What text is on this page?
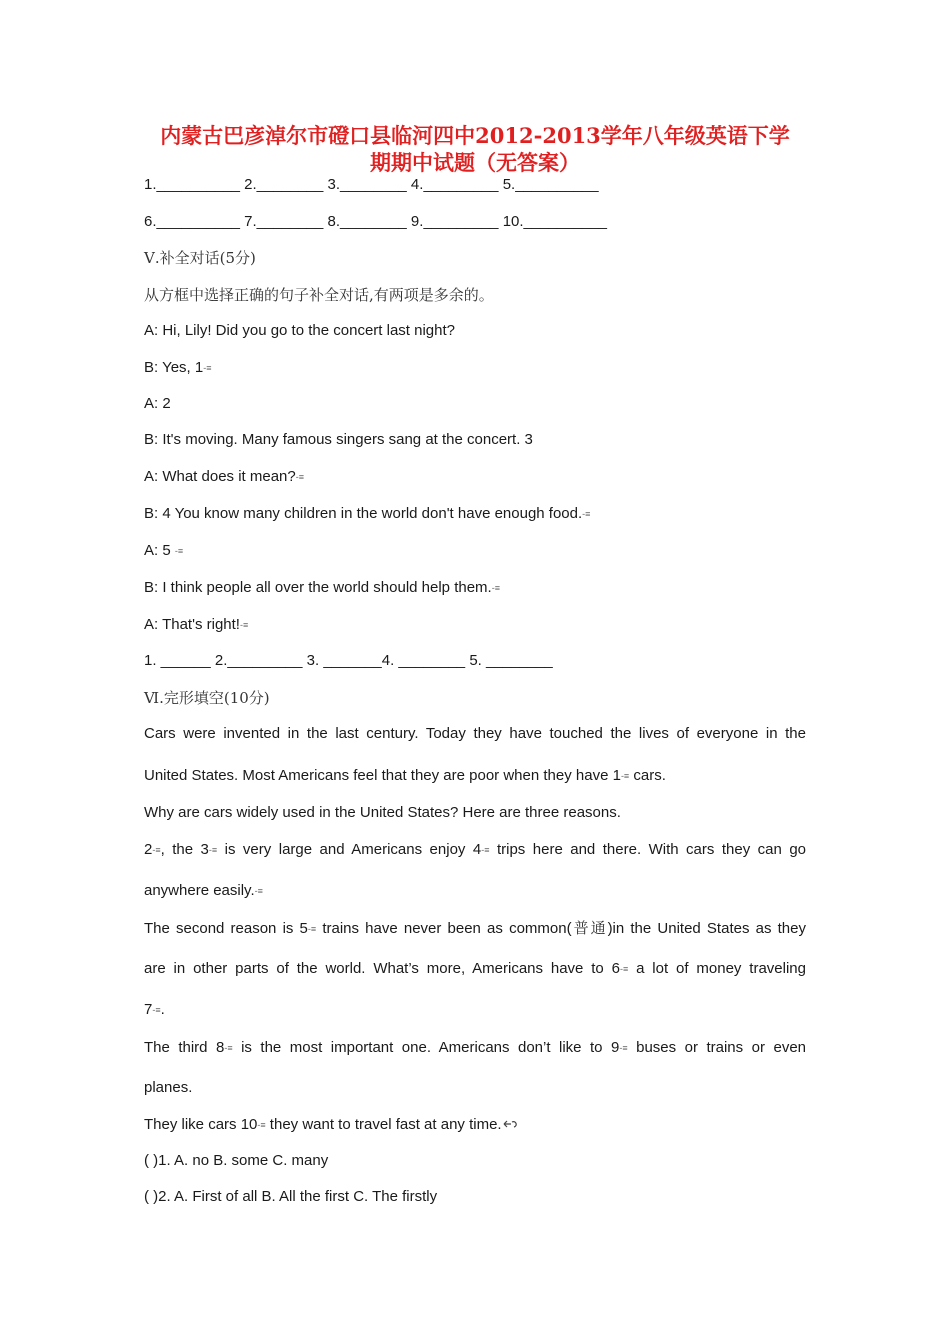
内蒙古巴彦淖尔市磴口县临河四中2012-2013学年八年级英语下学
期期中试题（无答案）
1.__________ 2.________ 3.________ 4._________ 5.__________
6.__________ 7.________ 8.________ 9._________ 10.__________
Ⅴ.补全对话(5分)
从方框中选择正确的句子补全对话,有两项是多余的。
A: Hi, Lily! Did you go to the concert last night?
B: Yes, 1-≡
A: 2
B: It's moving. Many famous singers sang at the concert. 3
A: What does it mean?-≡
B: 4 You know many children in the world don't have enough food.-≡
A: 5 -≡
B: I think people all over the world should help them.-≡
A: That's right!-≡
1. ______ 2._________ 3. _______4. ________ 5. ________
Ⅵ.完形填空(10分)
Cars were invented in the last century. Today they have touched the lives of everyone in the
United States. Most Americans feel that they are poor when they have 1-≡ cars.
Why are cars widely used in the United States? Here are three reasons.
2-≡, the 3-≡ is very large and Americans enjoy 4-≡ trips here and there. With cars they can go
anywhere easily.-≡
The second reason is 5-≡ trains have never been as common(普通)in the United States as they
are in other parts of the world. What’s more, Americans have to 6-≡ a lot of money traveling
7-≡.
The third 8-≡ is the most important one. Americans don’t like to 9-≡ buses or trains or even
planes.
They like cars 10-≡ they want to travel fast at any time.
( )1. A. no B. some C. many
( )2. A. First of all B. All the first C. The firstly
